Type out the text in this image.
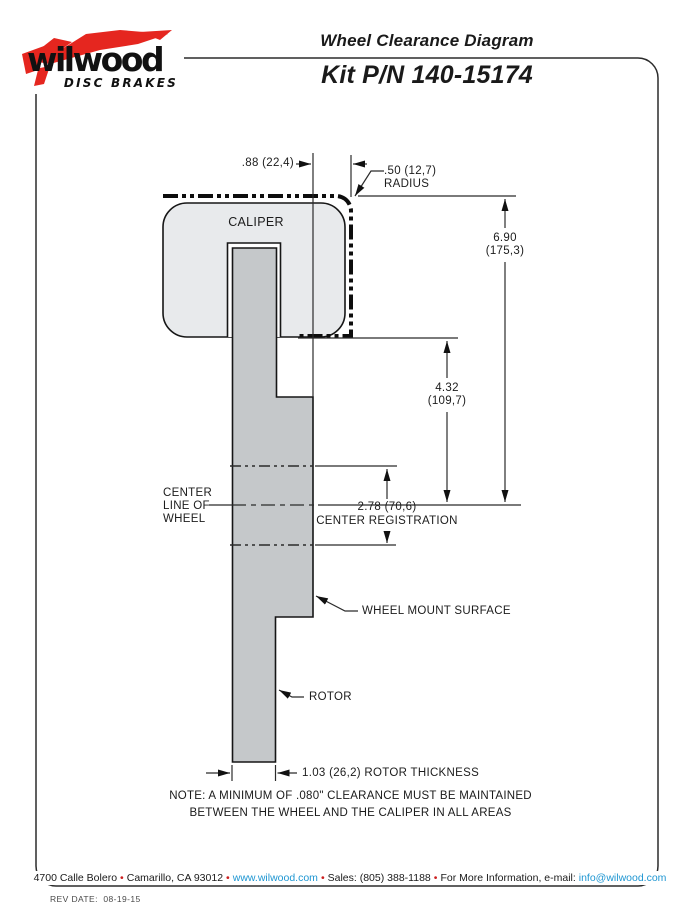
wilwood
DISC BRAKES
Wheel Clearance Diagram
Kit P/N 140-15174
CALIPER
.88 (22,4)
.50 (12,7)
RADIUS
6.90
(175,3)
4.32
(109,7)
CENTER
LINE OF
WHEEL
2.78 (70,6)
CENTER REGISTRATION
WHEEL MOUNT SURFACE
ROTOR
1.03 (26,2) ROTOR THICKNESS
NOTE: A MINIMUM OF .080" CLEARANCE MUST BE MAINTAINED
BETWEEN THE WHEEL AND THE CALIPER IN ALL AREAS
4700 Calle Bolero • Camarillo, CA 93012 • www.wilwood.com • Sales: (805) 388-1188 • For More Information, e-mail: info@wilwood.com
REV DATE: 08-19-15
